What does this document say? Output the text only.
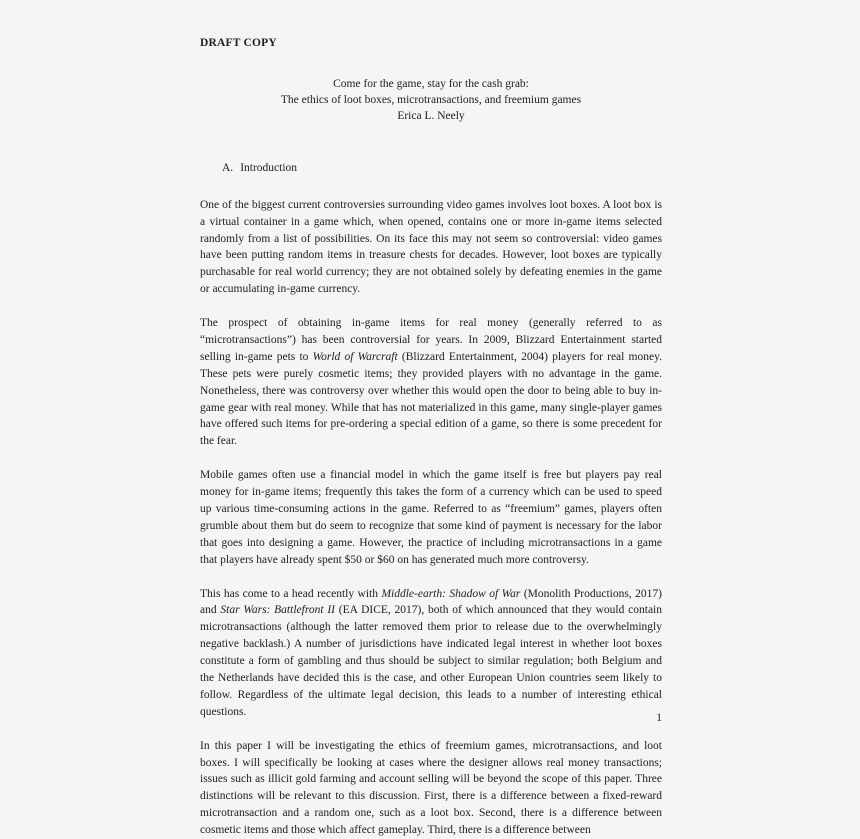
DRAFT COPY
Come for the game, stay for the cash grab:
The ethics of loot boxes, microtransactions, and freemium games
Erica L. Neely
A. Introduction
One of the biggest current controversies surrounding video games involves loot boxes. A loot box is a virtual container in a game which, when opened, contains one or more in-game items selected randomly from a list of possibilities. On its face this may not seem so controversial: video games have been putting random items in treasure chests for decades. However, loot boxes are typically purchasable for real world currency; they are not obtained solely by defeating enemies in the game or accumulating in-game currency.
The prospect of obtaining in-game items for real money (generally referred to as “microtransactions”) has been controversial for years. In 2009, Blizzard Entertainment started selling in-game pets to World of Warcraft (Blizzard Entertainment, 2004) players for real money. These pets were purely cosmetic items; they provided players with no advantage in the game. Nonetheless, there was controversy over whether this would open the door to being able to buy in-game gear with real money. While that has not materialized in this game, many single-player games have offered such items for pre-ordering a special edition of a game, so there is some precedent for the fear.
Mobile games often use a financial model in which the game itself is free but players pay real money for in-game items; frequently this takes the form of a currency which can be used to speed up various time-consuming actions in the game. Referred to as “freemium” games, players often grumble about them but do seem to recognize that some kind of payment is necessary for the labor that goes into designing a game. However, the practice of including microtransactions in a game that players have already spent $50 or $60 on has generated much more controversy.
This has come to a head recently with Middle-earth: Shadow of War (Monolith Productions, 2017) and Star Wars: Battlefront II (EA DICE, 2017), both of which announced that they would contain microtransactions (although the latter removed them prior to release due to the overwhelmingly negative backlash.) A number of jurisdictions have indicated legal interest in whether loot boxes constitute a form of gambling and thus should be subject to similar regulation; both Belgium and the Netherlands have decided this is the case, and other European Union countries seem likely to follow. Regardless of the ultimate legal decision, this leads to a number of interesting ethical questions.
In this paper I will be investigating the ethics of freemium games, microtransactions, and loot boxes. I will specifically be looking at cases where the designer allows real money transactions; issues such as illicit gold farming and account selling will be beyond the scope of this paper. Three distinctions will be relevant to this discussion. First, there is a difference between a fixed-reward microtransaction and a random one, such as a loot box. Second, there is a difference between cosmetic items and those which affect gameplay. Third, there is a difference between
1
